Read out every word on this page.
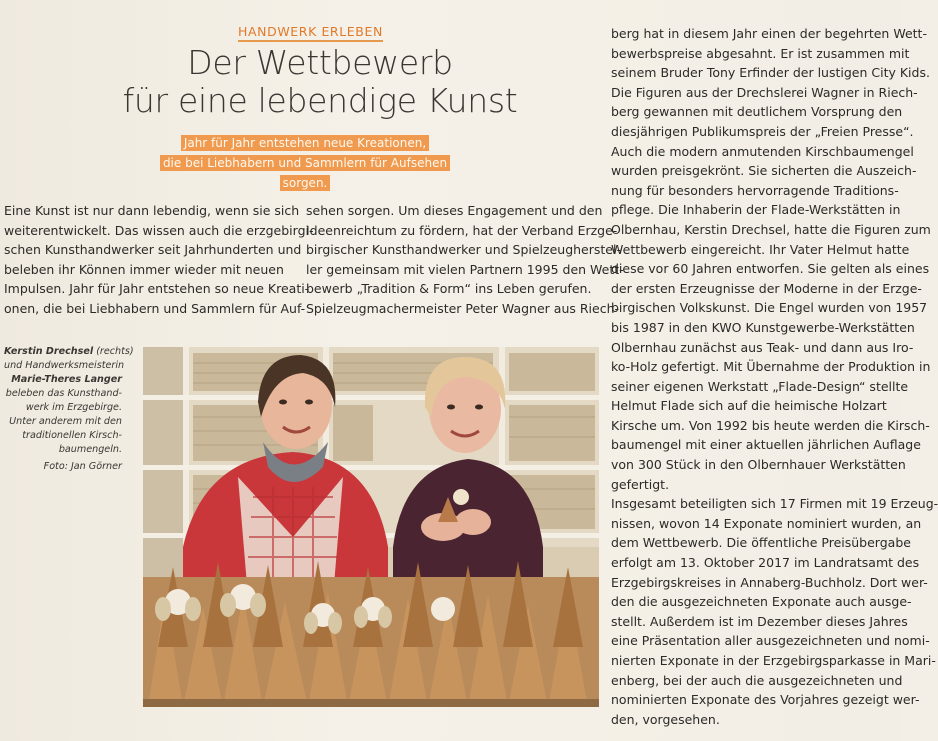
HANDWERK ERLEBEN
Der Wettbewerb
für eine lebendige Kunst
Jahr für Jahr entstehen neue Kreationen,
die bei Liebhabern und Sammlern für Aufsehen sorgen.

Eine Kunst ist nur dann lebendig, wenn sie sich

weiterentwickelt. Das wissen auch die erzgebirgi-

schen Kunsthandwerker seit Jahrhunderten und

beleben ihr Können immer wieder mit neuen

Impulsen. Jahr für Jahr entstehen so neue Kreati-

onen, die bei Liebhabern und Sammlern für Auf-

sehen sorgen. Um dieses Engagement und den

Ideenreichtum zu fördern, hat der Verband Erzge-

birgischer Kunsthandwerker und Spielzeugherstel-

ler gemeinsam mit vielen Partnern 1995 den Wett-

bewerb „Tradition & Form“ ins Leben gerufen.

Spielzeugmachermeister Peter Wagner aus Riech-

berg hat in diesem Jahr einen der begehrten Wett-

bewerbspreise abgesahnt. Er ist zusammen mit

seinem Bruder Tony Erfinder der lustigen City Kids.

Die Figuren aus der Drechslerei Wagner in Riech-

berg gewannen mit deutlichem Vorsprung den

diesjährigen Publikumspreis der „Freien Presse“.

Auch die modern anmutenden Kirschbaumengel

wurden preisgekrönt. Sie sicherten die Auszeich-

nung für besonders hervorragende Traditions-

pflege. Die Inhaberin der Flade-Werkstätten in

Olbernhau, Kerstin Drechsel, hatte die Figuren zum

Wettbewerb eingereicht. Ihr Vater Helmut hatte

diese vor 60 Jahren entworfen. Sie gelten als eines

der ersten Erzeugnisse der Moderne in der Erzge-

birgischen Volkskunst. Die Engel wurden von 1957

bis 1987 in den KWO Kunstgewerbe-Werkstätten

Olbernhau zunächst aus Teak- und dann aus Iro-

ko-Holz gefertigt. Mit Übernahme der Produktion in

seiner eigenen Werkstatt „Flade-Design“ stellte

Helmut Flade sich auf die heimische Holzart

Kirsche um. Von 1992 bis heute werden die Kirsch-

baumengel mit einer aktuellen jährlichen Auflage

von 300 Stück in den Olbernhauer Werkstätten

gefertigt.

Insgesamt beteiligten sich 17 Firmen mit 19 Erzeug-

nissen, wovon 14 Exponate nominiert wurden, an

dem Wettbewerb. Die öffentliche Preisübergabe

erfolgt am 13. Oktober 2017 im Landratsamt des

Erzgebirgskreises in Annaberg-Buchholz. Dort wer-

den die ausgezeichneten Exponate auch ausge-

stellt. Außerdem ist im Dezember dieses Jahres

eine Präsentation aller ausgezeichneten und nomi-

nierten Exponate in der Erzgebirgsparkasse in Mari-

enberg, bei der auch die ausgezeichneten und

nominierten Exponate des Vorjahres gezeigt wer-

den, vorgesehen.

Kerstin Drechsel (rechts)

und Handwerksmeisterin

Marie-Theres Langer

beleben das Kunsthand-

werk im Erzgebirge.

Unter anderem mit den

traditionellen Kirsch-

baumengeln.

Foto: Jan Görner
